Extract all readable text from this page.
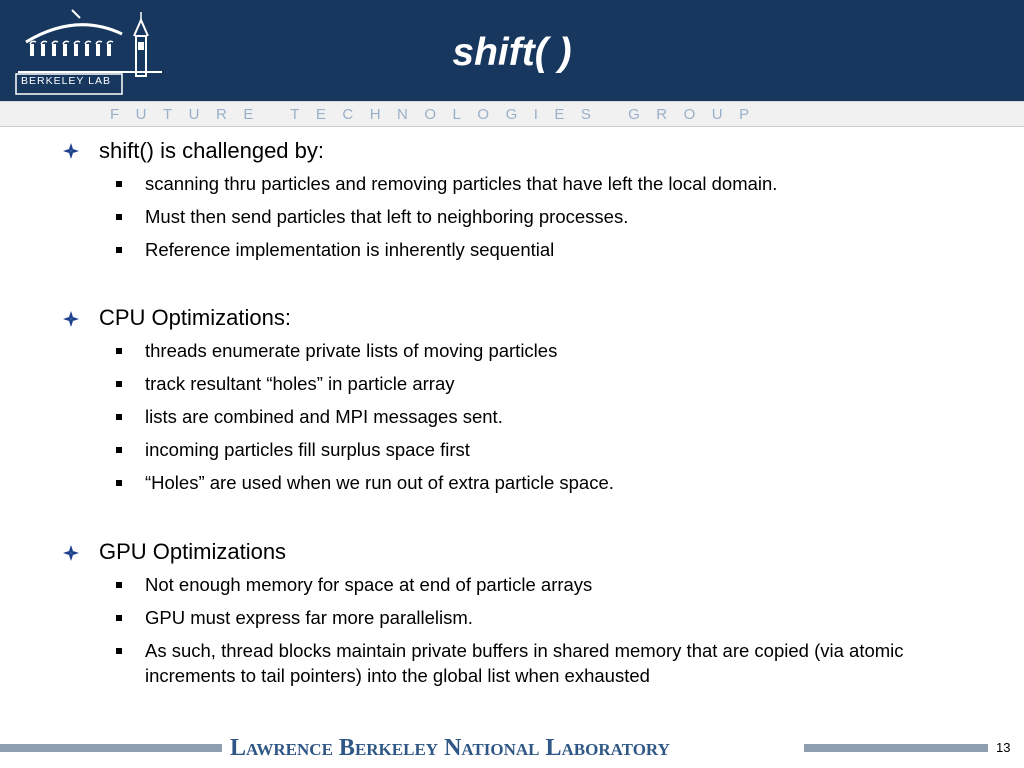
BERKELEY LAB
shift( )
FUTURE TECHNOLOGIES GROUP
shift() is challenged by:
scanning thru particles and removing particles that have left the local domain.
Must then send particles that left to neighboring processes.
Reference implementation is inherently sequential
CPU Optimizations:
threads enumerate private lists of moving particles
track resultant “holes” in particle array
lists are combined and MPI messages sent.
incoming particles fill surplus space first
“Holes” are used when we run out of extra particle space.
GPU Optimizations
Not enough memory for space at end of particle arrays
GPU must express far more parallelism.
As such, thread blocks maintain private buffers in shared memory that are copied (via atomic increments to tail pointers) into the global list when exhausted
LAWRENCE BERKELEY NATIONAL LABORATORY	13
